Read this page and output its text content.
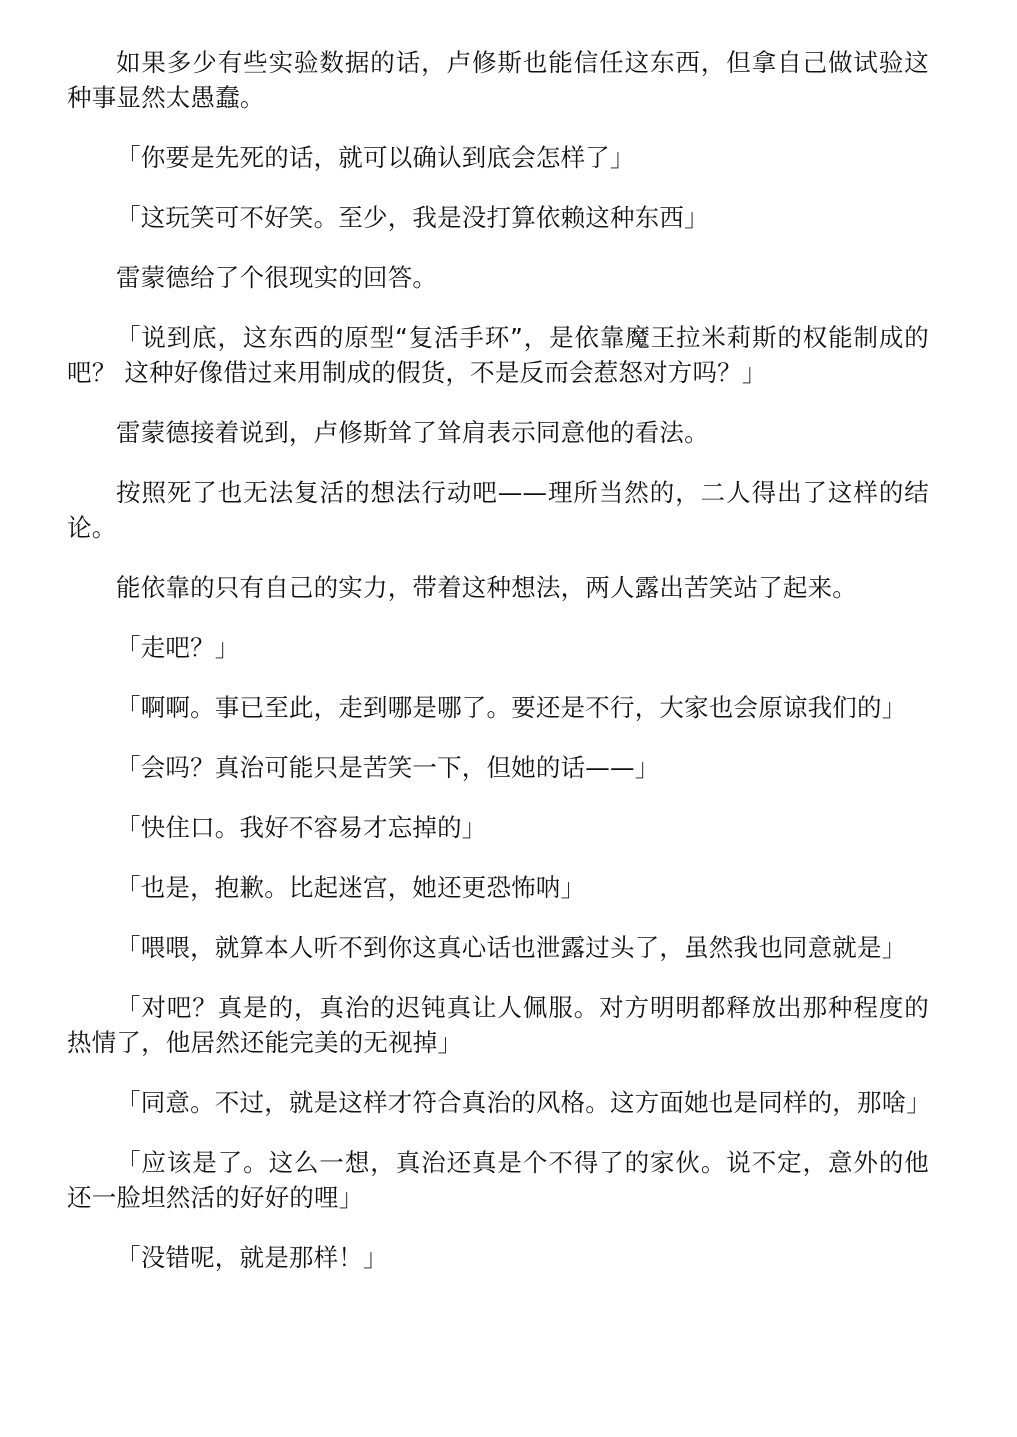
如果多少有些实验数据的话，卢修斯也能信任这东西，但拿自己做试验这种事显然太愚蠢。

「你要是先死的话，就可以确认到底会怎样了」

「这玩笑可不好笑。至少，我是没打算依赖这种东西」

雷蒙德给了个很现实的回答。

「说到底，这东西的原型“复活手环”，是依靠魔王拉米莉斯的权能制成的吧？ 这种好像借过来用制成的假货，不是反而会惹怒对方吗？」

雷蒙德接着说到，卢修斯耸了耸肩表示同意他的看法。

按照死了也无法复活的想法行动吧——理所当然的，二人得出了这样的结论。

能依靠的只有自己的实力，带着这种想法，两人露出苦笑站了起来。

「走吧？」

「啊啊。事已至此，走到哪是哪了。要还是不行，大家也会原谅我们的」

「会吗？真治可能只是苦笑一下，但她的话——」

「快住口。我好不容易才忘掉的」

「也是，抱歉。比起迷宫，她还更恐怖呐」

「喂喂，就算本人听不到你这真心话也泄露过头了，虽然我也同意就是」

「对吧？真是的，真治的迟钝真让人佩服。对方明明都释放出那种程度的热情了，他居然还能完美的无视掉」

「同意。不过，就是这样才符合真治的风格。这方面她也是同样的，那啥」

「应该是了。这么一想，真治还真是个不得了的家伙。说不定，意外的他还一脸坦然活的好好的哩」

「没错呢，就是那样！」
